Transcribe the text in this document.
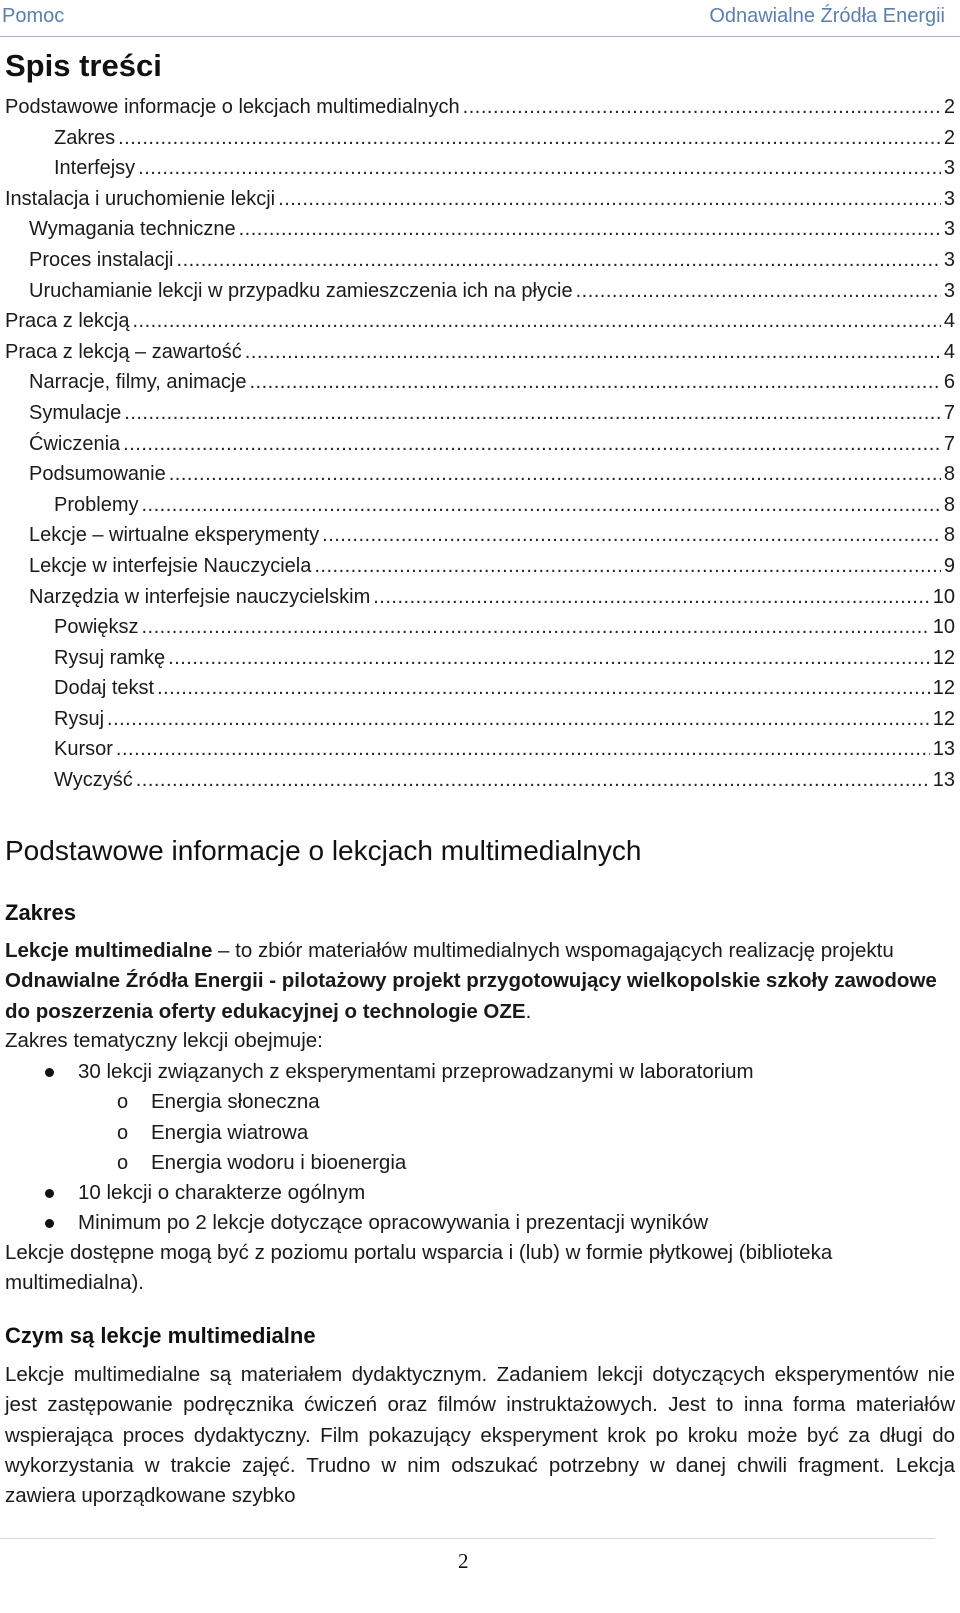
Pomoc	Odnawialne Źródła Energii
Spis treści
Podstawowe informacje o lekcjach multimedialnych .....	2
Zakres .....	2
Interfejsy .....	3
Instalacja i uruchomienie lekcji .....	3
Wymagania techniczne .....	3
Proces instalacji .....	3
Uruchamianie lekcji w przypadku zamieszczenia ich na płycie .....	3
Praca z lekcją .....	4
Praca z lekcją – zawartość .....	4
Narracje, filmy, animacje .....	6
Symulacje .....	7
Ćwiczenia .....	7
Podsumowanie .....	8
Problemy .....	8
Lekcje – wirtualne eksperymenty .....	8
Lekcje w interfejsie Nauczyciela .....	9
Narzędzia w interfejsie nauczycielskim .....	10
Powiększ .....	10
Rysuj ramkę .....	12
Dodaj tekst .....	12
Rysuj .....	12
Kursor .....	13
Wyczyść .....	13
Podstawowe informacje o lekcjach multimedialnych
Zakres

Lekcje multimedialne – to zbiór materiałów multimedialnych wspomagających realizację projektu Odnawialne Źródła Energii - pilotażowy projekt przygotowujący wielkopolskie szkoły zawodowe do poszerzenia oferty edukacyjnej o technologie OZE.

Zakres tematyczny lekcji obejmuje:

30 lekcji związanych z eksperymentami przeprowadzanymi w laboratorium
o Energia słoneczna
o Energia wiatrowa
o Energia wodoru i bioenergia
10 lekcji o charakterze ogólnym
Minimum po 2 lekcje dotyczące opracowywania i prezentacji wyników

Lekcje dostępne mogą być z poziomu portalu wsparcia i (lub) w formie płytkowej (biblioteka multimedialna).

Czym są lekcje multimedialne

Lekcje multimedialne są materiałem dydaktycznym. Zadaniem lekcji dotyczących eksperymentów nie jest zastępowanie podręcznika ćwiczeń oraz filmów instruktażowych. Jest to inna forma materiałów wspierająca proces dydaktyczny. Film pokazujący eksperyment krok po kroku może być za długi do wykorzystania w trakcie zajęć. Trudno w nim odszukać potrzebny w danej chwili fragment. Lekcja zawiera uporządkowane szybko

2
